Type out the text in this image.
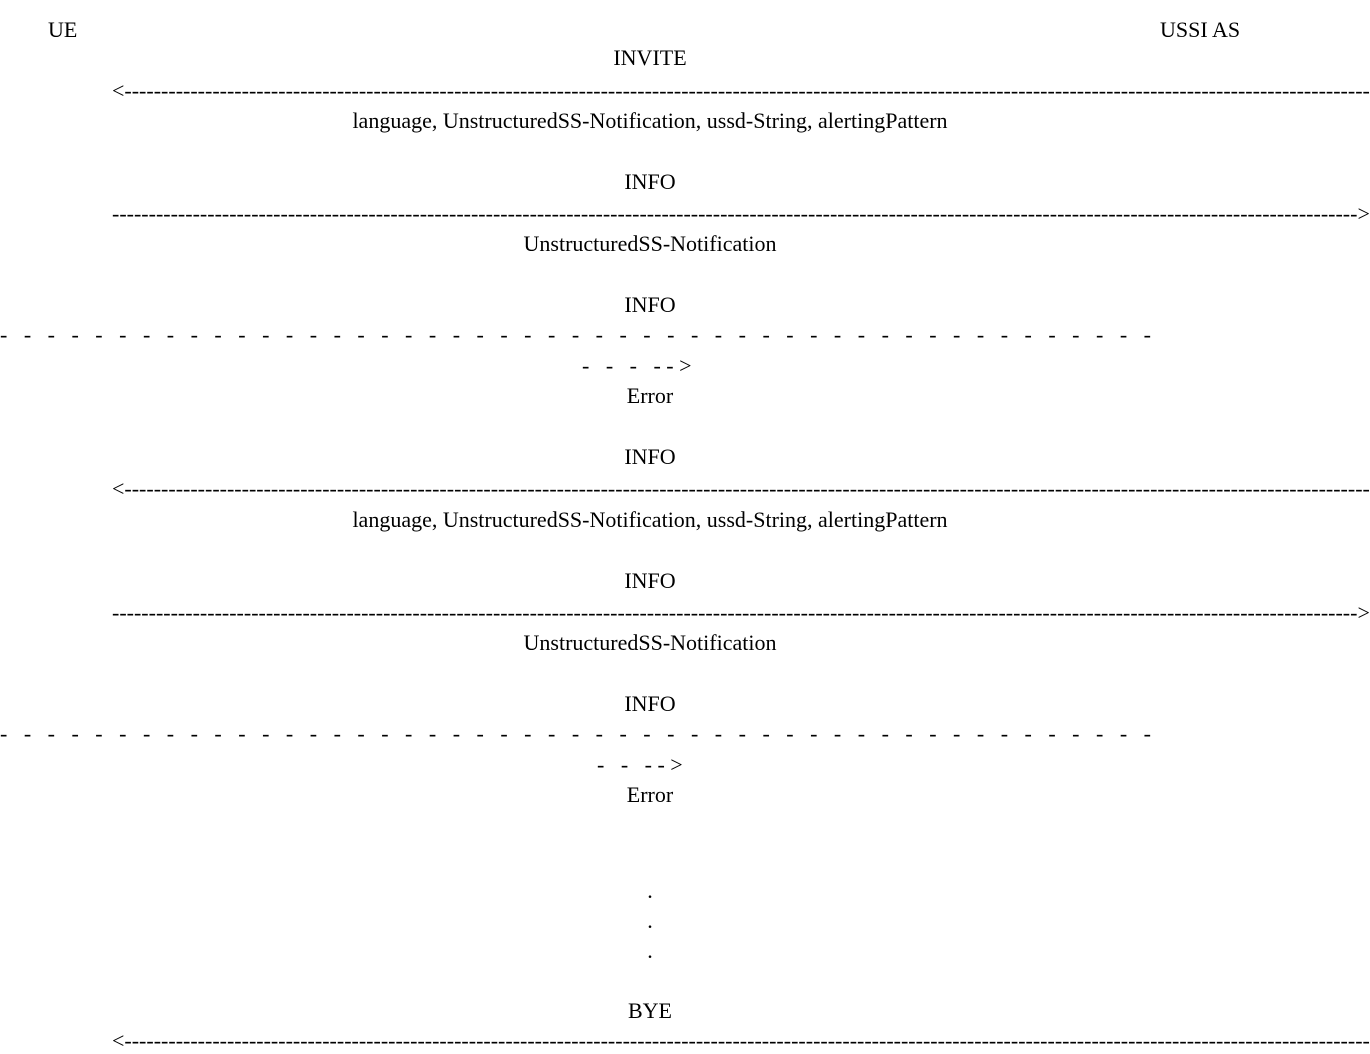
UE	USSI AS
INVITE
<--------------------------------------------------------------------------------------------------------------------------------------------------------------------------
language, UnstructuredSS-Notification, ussd-String, alertingPattern
INFO
-------------------------------------------------------------------------------------------------------------------------------------------------------------------------->
UnstructuredSS-Notification
INFO
-   -   -   -   -   -   -   -   -   -   -   -   -   -   -   -   -   -   -   -   -   -   -   -   -   -   -   -   -   -   -   -   -   -   -   -   -   -   -   -   -   -   -   -   -   -   -   -   -
-   -   -   - - >
Error
INFO
<--------------------------------------------------------------------------------------------------------------------------------------------------------------------------
language, UnstructuredSS-Notification, ussd-String, alertingPattern
INFO
-------------------------------------------------------------------------------------------------------------------------------------------------------------------------->
UnstructuredSS-Notification
INFO
-   -   -   -   -   -   -   -   -   -   -   -   -   -   -   -   -   -   -   -   -   -   -   -   -   -   -   -   -   -   -   -   -   -   -   -   -   -   -   -   -   -   -   -   -   -   -   -   -
-   -   - - >
Error
.
.
.
BYE
<--------------------------------------------------------------------------------------------------------------------------------------------------------------------------
